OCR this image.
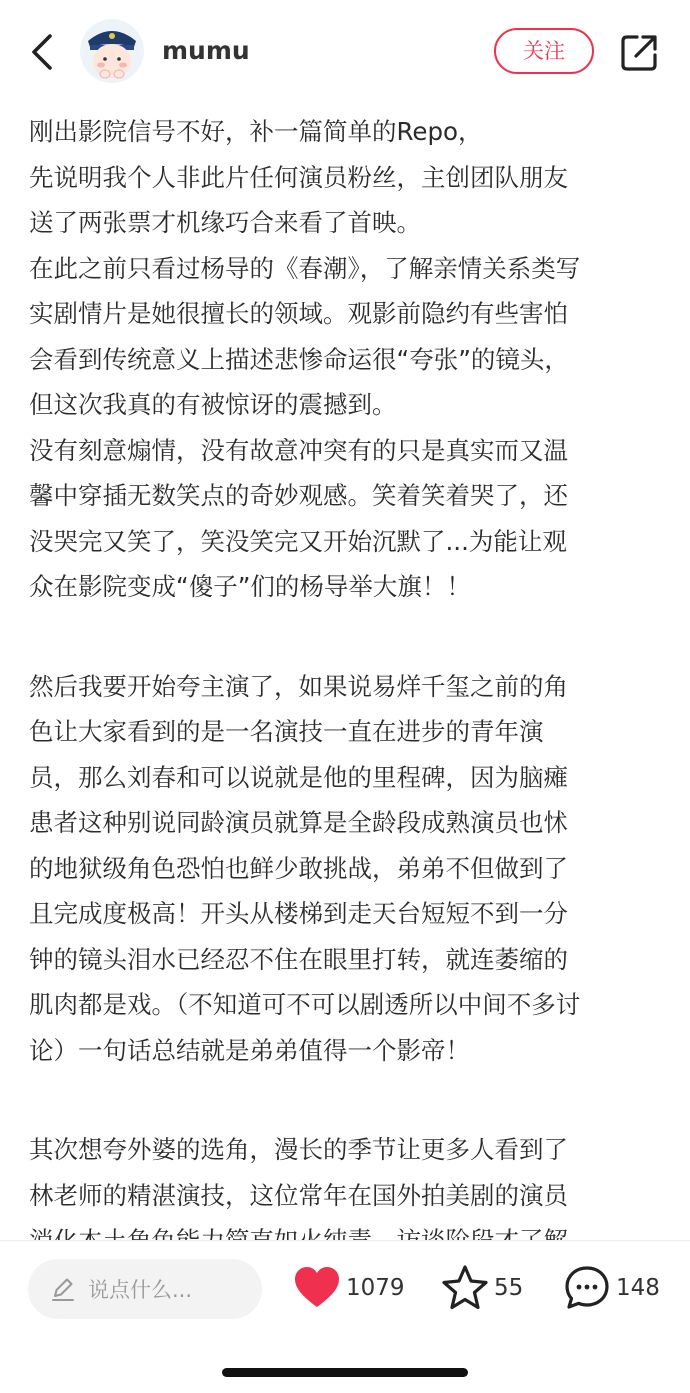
mumu	关注
刚出影院信号不好，补一篇简单的Repo，
先说明我个人非此片任何演员粉丝，主创团队朋友
送了两张票才机缘巧合来看了首映。
在此之前只看过杨导的《春潮》，了解亲情关系类写
实剧情片是她很擅长的领域。观影前隐约有些害怕
会看到传统意义上描述悲惨命运很“夸张”的镜头，
但这次我真的有被惊讶的震撼到。
没有刻意煽情，没有故意冲突有的只是真实而又温
馨中穿插无数笑点的奇妙观感。笑着笑着哭了，还
没哭完又笑了，笑没笑完又开始沉默了...为能让观
众在影院变成“傻子”们的杨导举大旗！！
然后我要开始夸主演了，如果说易烊千玺之前的角
色让大家看到的是一名演技一直在进步的青年演
员，那么刘春和可以说就是他的里程碑，因为脑瘫
患者这种别说同龄演员就算是全龄段成熟演员也怵
的地狱级角色恐怕也鲜少敢挑战，弟弟不但做到了
且完成度极高！开头从楼梯到走天台短短不到一分
钟的镜头泪水已经忍不住在眼里打转，就连萎缩的
肌肉都是戏。（不知道可不可以剧透所以中间不多讨
论）一句话总结就是弟弟值得一个影帝！
其次想夸外婆的选角，漫长的季节让更多人看到了
林老师的精湛演技，这位常年在国外拍美剧的演员
说点什么...	1079	55	148
